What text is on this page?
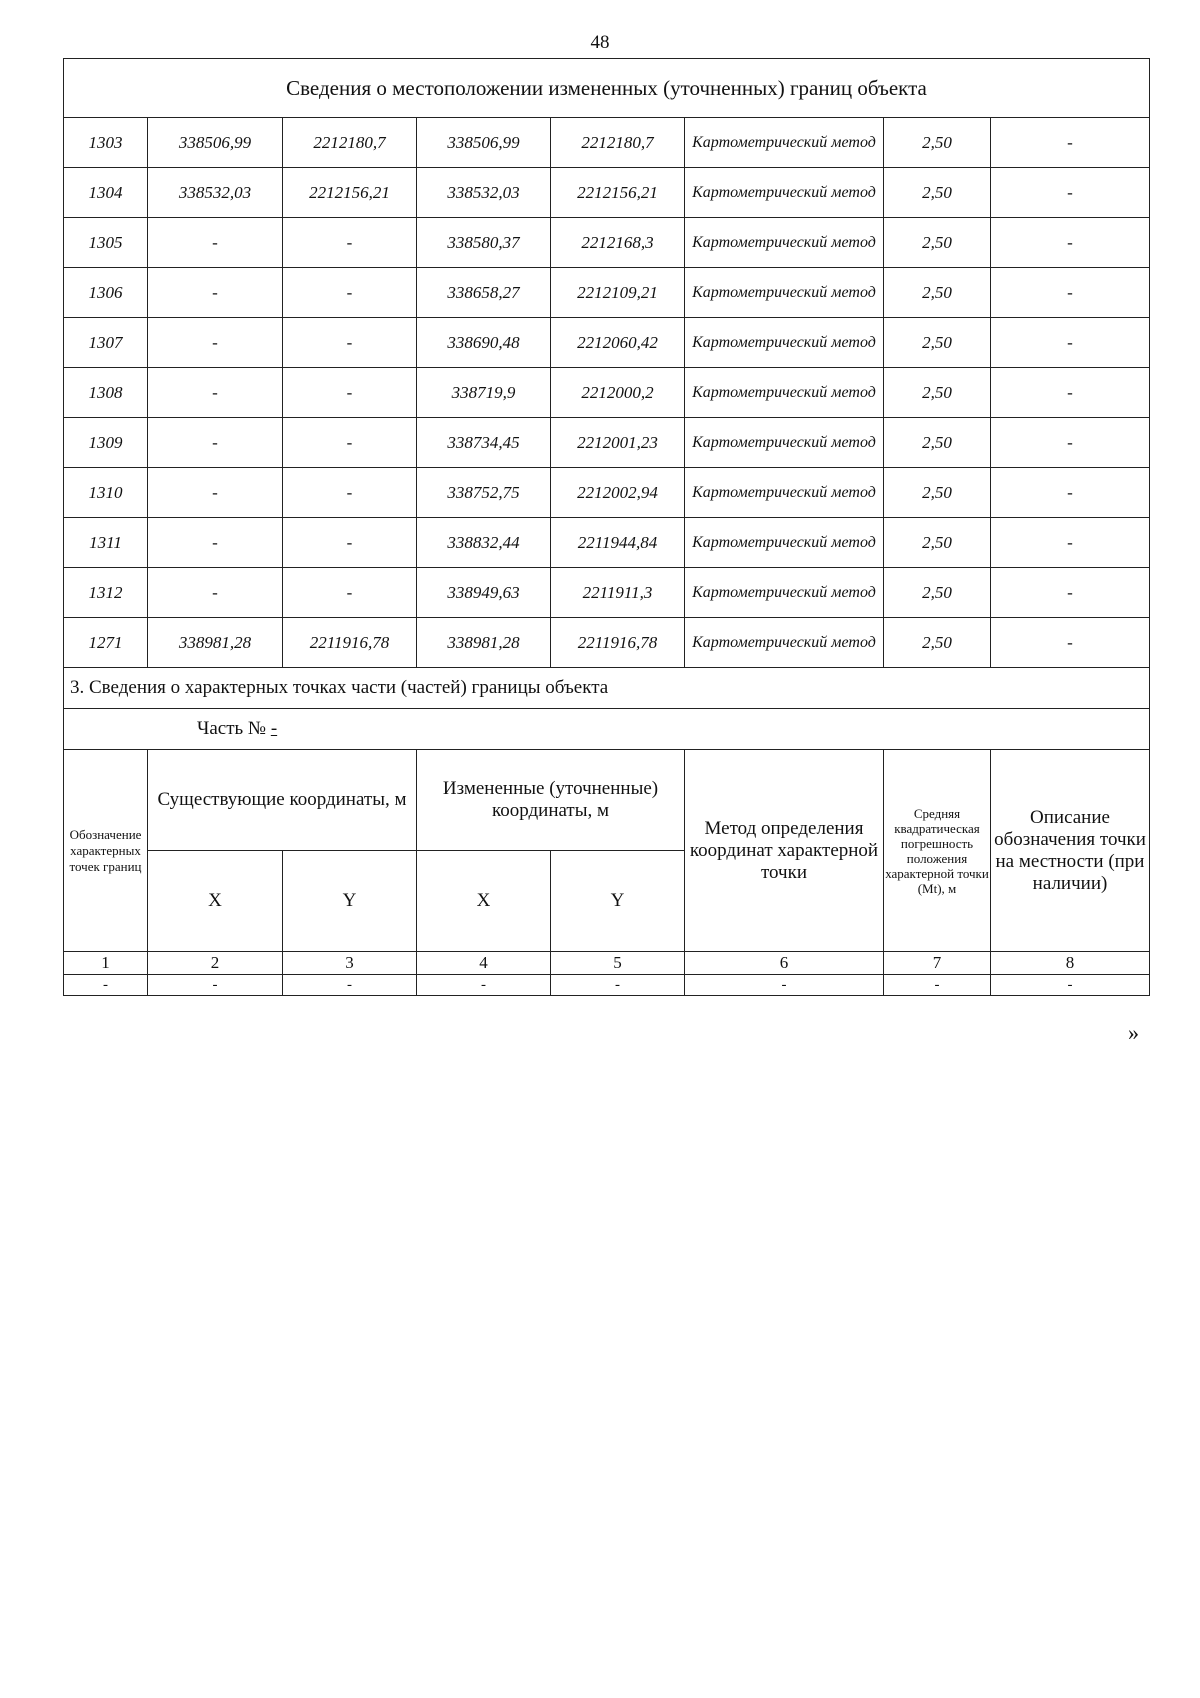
48
Сведения о местоположении измененных (уточненных) границ объекта							
1303	338506,99	2212180,7	338506,99	2212180,7	Картометрический метод	2,50	-
1304	338532,03	2212156,21	338532,03	2212156,21	Картометрический метод	2,50	-
1305	-	-	338580,37	2212168,3	Картометрический метод	2,50	-
1306	-	-	338658,27	2212109,21	Картометрический метод	2,50	-
1307	-	-	338690,48	2212060,42	Картометрический метод	2,50	-
1308	-	-	338719,9	2212000,2	Картометрический метод	2,50	-
1309	-	-	338734,45	2212001,23	Картометрический метод	2,50	-
1310	-	-	338752,75	2212002,94	Картометрический метод	2,50	-
1311	-	-	338832,44	2211944,84	Картометрический метод	2,50	-
1312	-	-	338949,63	2211911,3	Картометрический метод	2,50	-
1271	338981,28	2211916,78	338981,28	2211916,78	Картометрический метод	2,50	-
3. Сведения о характерных точках части (частей) границы объекта							
Часть № -							
Обозначение характерных точек границ	Существующие координаты, м		Измененные (уточненные) координаты, м		Метод определения координат характерной точки	Средняя квадратическая погрешность положения характерной точки (Mt), м	Описание обозначения точки на местности (при наличии)
	X	Y	X	Y			
1	2	3	4	5	6	7	8
-	-	-	-	-	-	-	-
»
